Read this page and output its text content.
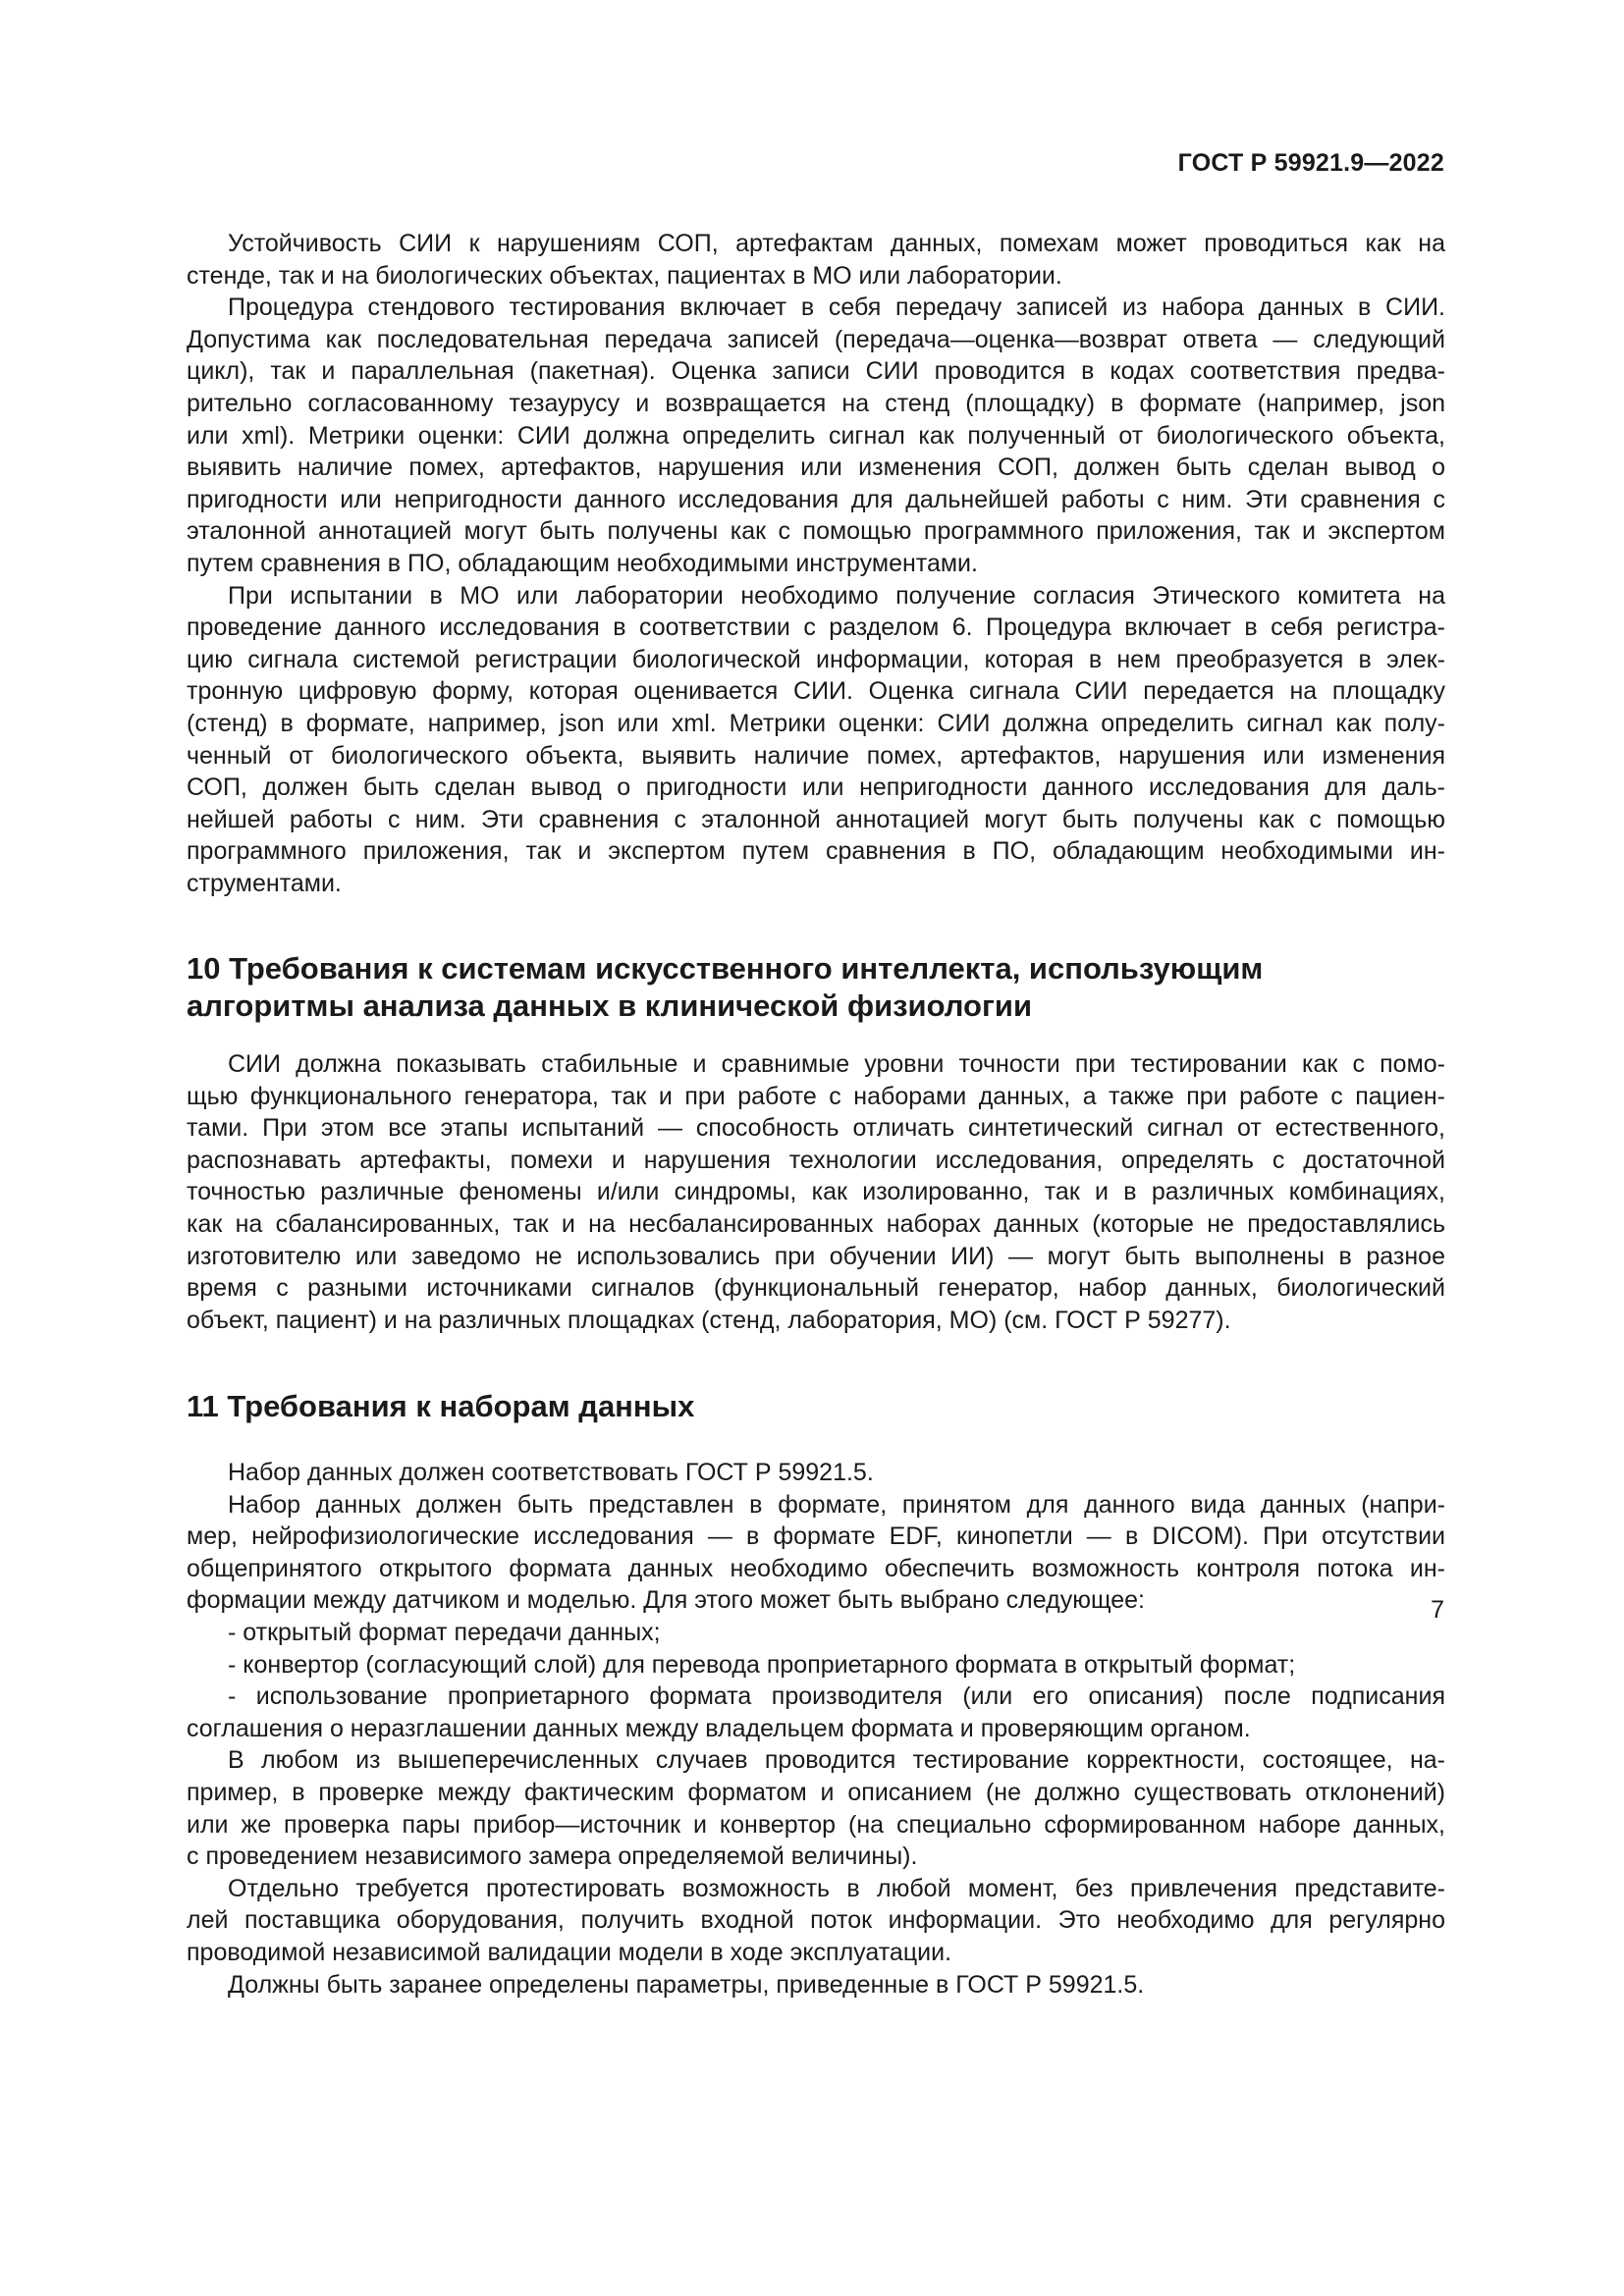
ГОСТ Р 59921.9—2022
Устойчивость СИИ к нарушениям СОП, артефактам данных, помехам может проводиться как на
стенде, так и на биологических объектах, пациентах в МО или лаборатории.
Процедура стендового тестирования включает в себя передачу записей из набора данных в СИИ.
Допустима как последовательная передача записей (передача—оценка—возврат ответа — следующий
цикл), так и параллельная (пакетная). Оценка записи СИИ проводится в кодах соответствия предва-
рительно согласованному тезаурусу и возвращается на стенд (площадку) в формате (например, json
или xml). Метрики оценки: СИИ должна определить сигнал как полученный от биологического объекта,
выявить наличие помех, артефактов, нарушения или изменения СОП, должен быть сделан вывод о
пригодности или непригодности данного исследования для дальнейшей работы с ним. Эти сравнения с
эталонной аннотацией могут быть получены как с помощью программного приложения, так и экспертом
путем сравнения в ПО, обладающим необходимыми инструментами.
При испытании в МО или лаборатории необходимо получение согласия Этического комитета на
проведение данного исследования в соответствии с разделом 6. Процедура включает в себя регистра-
цию сигнала системой регистрации биологической информации, которая в нем преобразуется в элек-
тронную цифровую форму, которая оценивается СИИ. Оценка сигнала СИИ передается на площадку
(стенд) в формате, например, json или xml. Метрики оценки: СИИ должна определить сигнал как полу-
ченный от биологического объекта, выявить наличие помех, артефактов, нарушения или изменения
СОП, должен быть сделан вывод о пригодности или непригодности данного исследования для даль-
нейшей работы с ним. Эти сравнения с эталонной аннотацией могут быть получены как с помощью
программного приложения, так и экспертом путем сравнения в ПО, обладающим необходимыми ин-
струментами.
10 Требования к системам искусственного интеллекта, использующим
алгоритмы анализа данных в клинической физиологии
СИИ должна показывать стабильные и сравнимые уровни точности при тестировании как с помо-
щью функционального генератора, так и при работе с наборами данных, а также при работе с пациен-
тами. При этом все этапы испытаний — способность отличать синтетический сигнал от естественного,
распознавать артефакты, помехи и нарушения технологии исследования, определять с достаточной
точностью различные феномены и/или синдромы, как изолированно, так и в различных комбинациях,
как на сбалансированных, так и на несбалансированных наборах данных (которые не предоставлялись
изготовителю или заведомо не использовались при обучении ИИ) — могут быть выполнены в разное
время с разными источниками сигналов (функциональный генератор, набор данных, биологический
объект, пациент) и на различных площадках (стенд, лаборатория, МО) (см. ГОСТ Р 59277).
11 Требования к наборам данных
Набор данных должен соответствовать ГОСТ Р 59921.5.
Набор данных должен быть представлен в формате, принятом для данного вида данных (напри-
мер, нейрофизиологические исследования — в формате EDF, кинопетли — в DICOM). При отсутствии
общепринятого открытого формата данных необходимо обеспечить возможность контроля потока ин-
формации между датчиком и моделью. Для этого может быть выбрано следующее:
- открытый формат передачи данных;
- конвертор (согласующий слой) для перевода проприетарного формата в открытый формат;
- использование проприетарного формата производителя (или его описания) после подписания
соглашения о неразглашении данных между владельцем формата и проверяющим органом.
В любом из вышеперечисленных случаев проводится тестирование корректности, состоящее, на-
пример, в проверке между фактическим форматом и описанием (не должно существовать отклонений)
или же проверка пары прибор—источник и конвертор (на специально сформированном наборе данных,
с проведением независимого замера определяемой величины).
Отдельно требуется протестировать возможность в любой момент, без привлечения представите-
лей поставщика оборудования, получить входной поток информации. Это необходимо для регулярно
проводимой независимой валидации модели в ходе эксплуатации.
Должны быть заранее определены параметры, приведенные в ГОСТ Р 59921.5.
7
